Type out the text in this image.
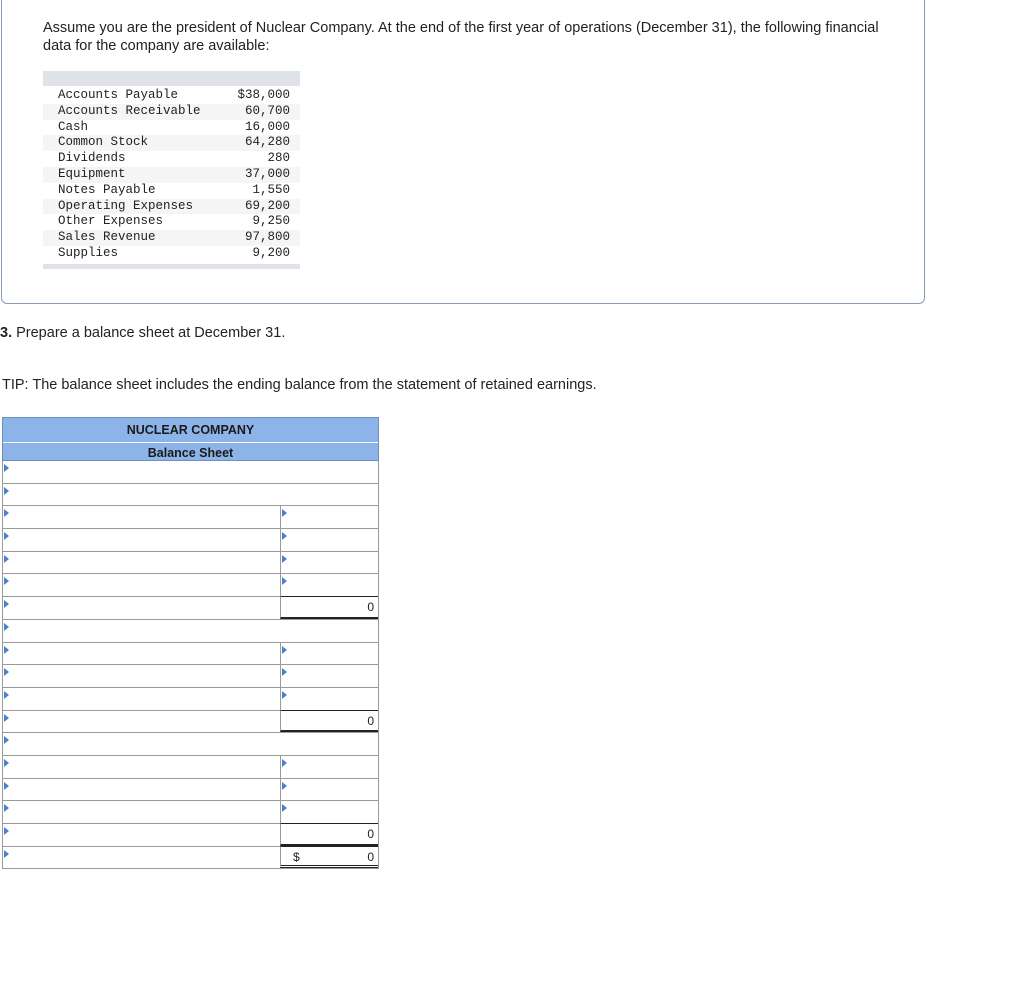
Assume you are the president of Nuclear Company. At the end of the first year of operations (December 31), the following financial data for the company are available:
Accounts Payable	$38,000
Accounts Receivable	60,700
Cash	16,000
Common Stock	64,280
Dividends	280
Equipment	37,000
Notes Payable	1,550
Operating Expenses	69,200
Other Expenses	9,250
Sales Revenue	97,800
Supplies	9,200
3. Prepare a balance sheet at December 31.
TIP: The balance sheet includes the ending balance from the statement of retained earnings.
NUCLEAR COMPANY
Balance Sheet
0
0
0
$	0
